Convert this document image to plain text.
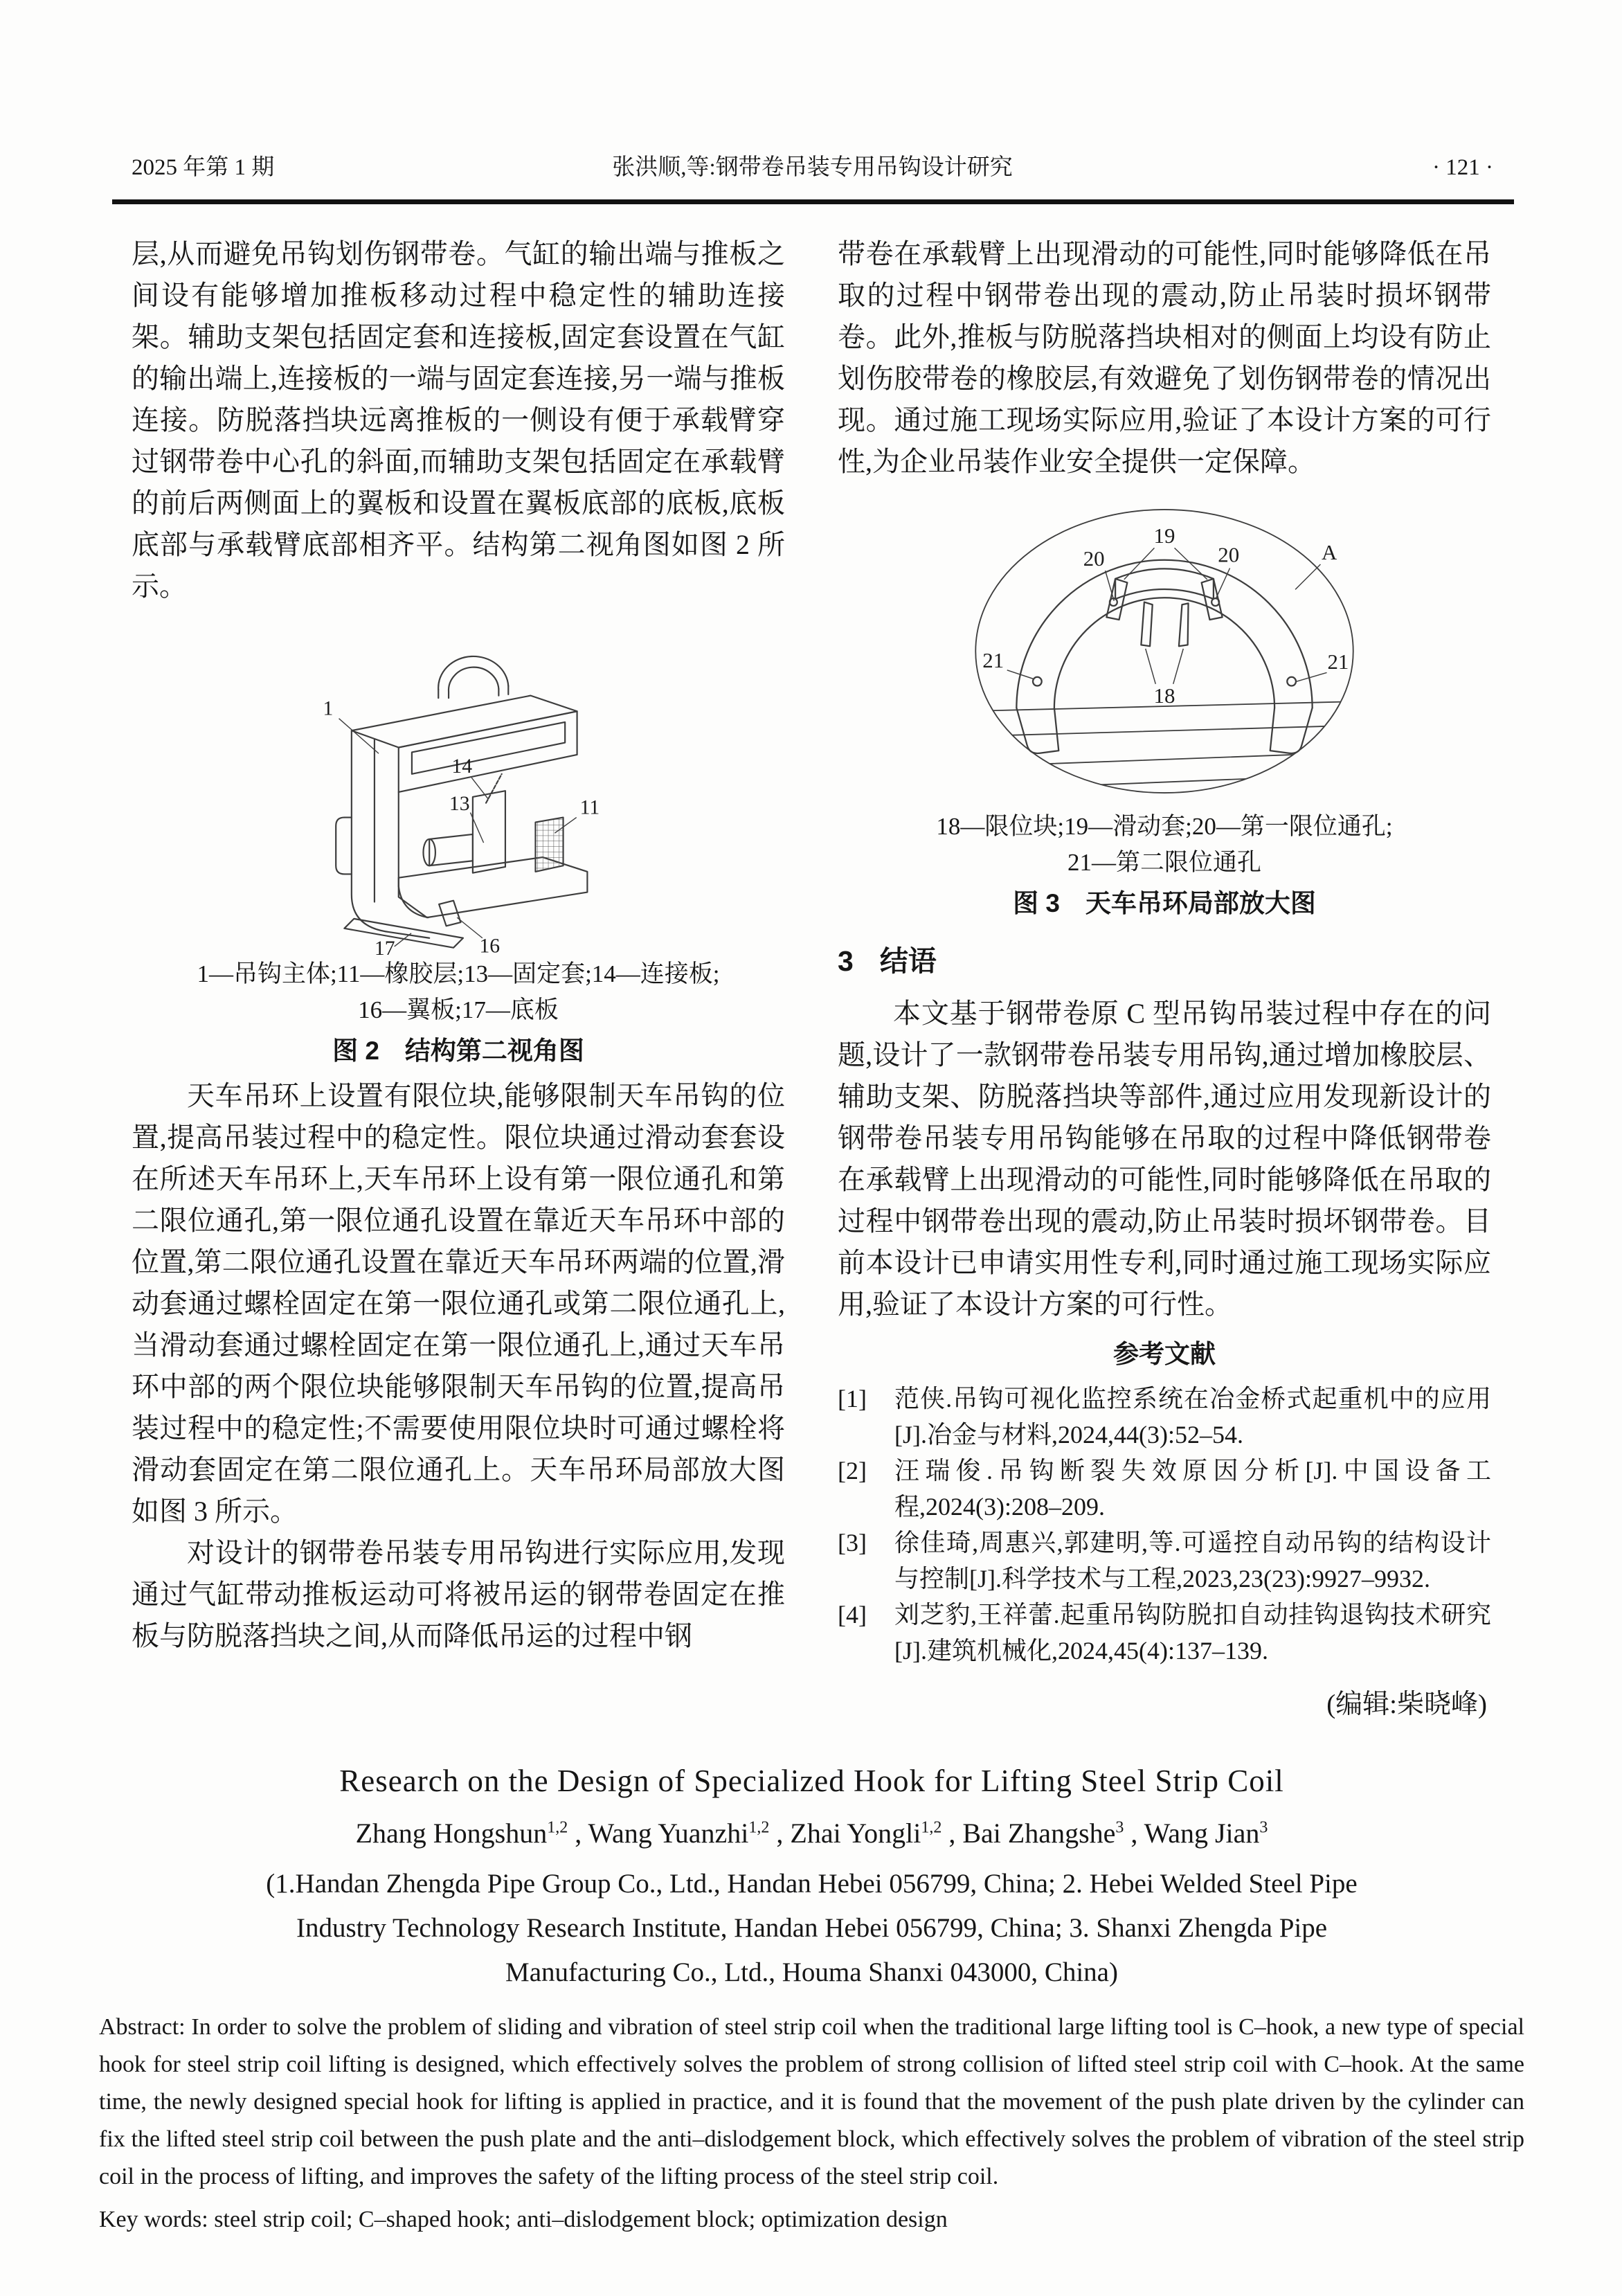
2025 年第 1 期	张洪顺,等:钢带卷吊装专用吊钩设计研究	· 121 ·

层,从而避免吊钩划伤钢带卷。气缸的输出端与推板之间设有能够增加推板移动过程中稳定性的辅助连接架。辅助支架包括固定套和连接板,固定套设置在气缸的输出端上,连接板的一端与固定套连接,另一端与推板连接。防脱落挡块远离推板的一侧设有便于承载臂穿过钢带卷中心孔的斜面,而辅助支架包括固定在承载臂的前后两侧面上的翼板和设置在翼板底部的底板,底板底部与承载臂底部相齐平。结构第二视角图如图 2 所示。

1
14
13	11
16
17
1—吊钩主体;11—橡胶层;13—固定套;14—连接板;
16—翼板;17—底板
图 2　结构第二视角图

天车吊环上设置有限位块,能够限制天车吊钩的位置,提高吊装过程中的稳定性。限位块通过滑动套套设在所述天车吊环上,天车吊环上设有第一限位通孔和第二限位通孔,第一限位通孔设置在靠近天车吊环中部的位置,第二限位通孔设置在靠近天车吊环两端的位置,滑动套通过螺栓固定在第一限位通孔或第二限位通孔上,当滑动套通过螺栓固定在第一限位通孔上,通过天车吊环中部的两个限位块能够限制天车吊钩的位置,提高吊装过程中的稳定性;不需要使用限位块时可通过螺栓将滑动套固定在第二限位通孔上。天车吊环局部放大图如图 3 所示。

对设计的钢带卷吊装专用吊钩进行实际应用,发现通过气缸带动推板运动可将被吊运的钢带卷固定在推板与防脱落挡块之间,从而降低吊运的过程中钢

带卷在承载臂上出现滑动的可能性,同时能够降低在吊取的过程中钢带卷出现的震动,防止吊装时损坏钢带卷。此外,推板与防脱落挡块相对的侧面上均设有防止划伤胶带卷的橡胶层,有效避免了划伤钢带卷的情况出现。通过施工现场实际应用,验证了本设计方案的可行性,为企业吊装作业安全提供一定保障。

19
20	20	A
21	21
18
18—限位块;19—滑动套;20—第一限位通孔;
21—第二限位通孔
图 3　天车吊环局部放大图
3 结语

本文基于钢带卷原 C 型吊钩吊装过程中存在的问题,设计了一款钢带卷吊装专用吊钩,通过增加橡胶层、辅助支架、防脱落挡块等部件,通过应用发现新设计的钢带卷吊装专用吊钩能够在吊取的过程中降低钢带卷在承载臂上出现滑动的可能性,同时能够降低在吊取的过程中钢带卷出现的震动,防止吊装时损坏钢带卷。目前本设计已申请实用性专利,同时通过施工现场实际应用,验证了本设计方案的可行性。

参考文献
[1]	范侠.吊钩可视化监控系统在冶金桥式起重机中的应用[J].冶金与材料,2024,44(3):52–54.
[2]	汪瑞俊.吊钩断裂失效原因分析[J].中国设备工程,2024(3):208–209.
[3]	徐佳琦,周惠兴,郭建明,等.可遥控自动吊钩的结构设计与控制[J].科学技术与工程,2023,23(23):9927–9932.
[4]	刘芝豹,王祥蕾.起重吊钩防脱扣自动挂钩退钩技术研究[J].建筑机械化,2024,45(4):137–139.
(编辑:柴晓峰)
Research on the Design of Specialized Hook for Lifting Steel Strip Coil
Zhang Hongshun$^{1,2}$ , Wang Yuanzhi$^{1,2}$ , Zhai Yongli$^{1,2}$ , Bai Zhangshe$^3$ , Wang Jian$^3$
(1.Handan Zhengda Pipe Group Co., Ltd., Handan Hebei 056799, China; 2. Hebei Welded Steel Pipe
Industry Technology Research Institute, Handan Hebei 056799, China; 3. Shanxi Zhengda Pipe
Manufacturing Co., Ltd., Houma Shanxi 043000, China)

Abstract: In order to solve the problem of sliding and vibration of steel strip coil when the traditional large lifting tool is C–hook, a new type of special hook for steel strip coil lifting is designed, which effectively solves the problem of strong collision of lifted steel strip coil with C–hook. At the same time, the newly designed special hook for lifting is applied in practice, and it is found that the movement of the push plate driven by the cylinder can fix the lifted steel strip coil between the push plate and the anti–dislodgement block, which effectively solves the problem of vibration of the steel strip coil in the process of lifting, and improves the safety of the lifting process of the steel strip coil.

Key words: steel strip coil; C–shaped hook; anti–dislodgement block; optimization design
